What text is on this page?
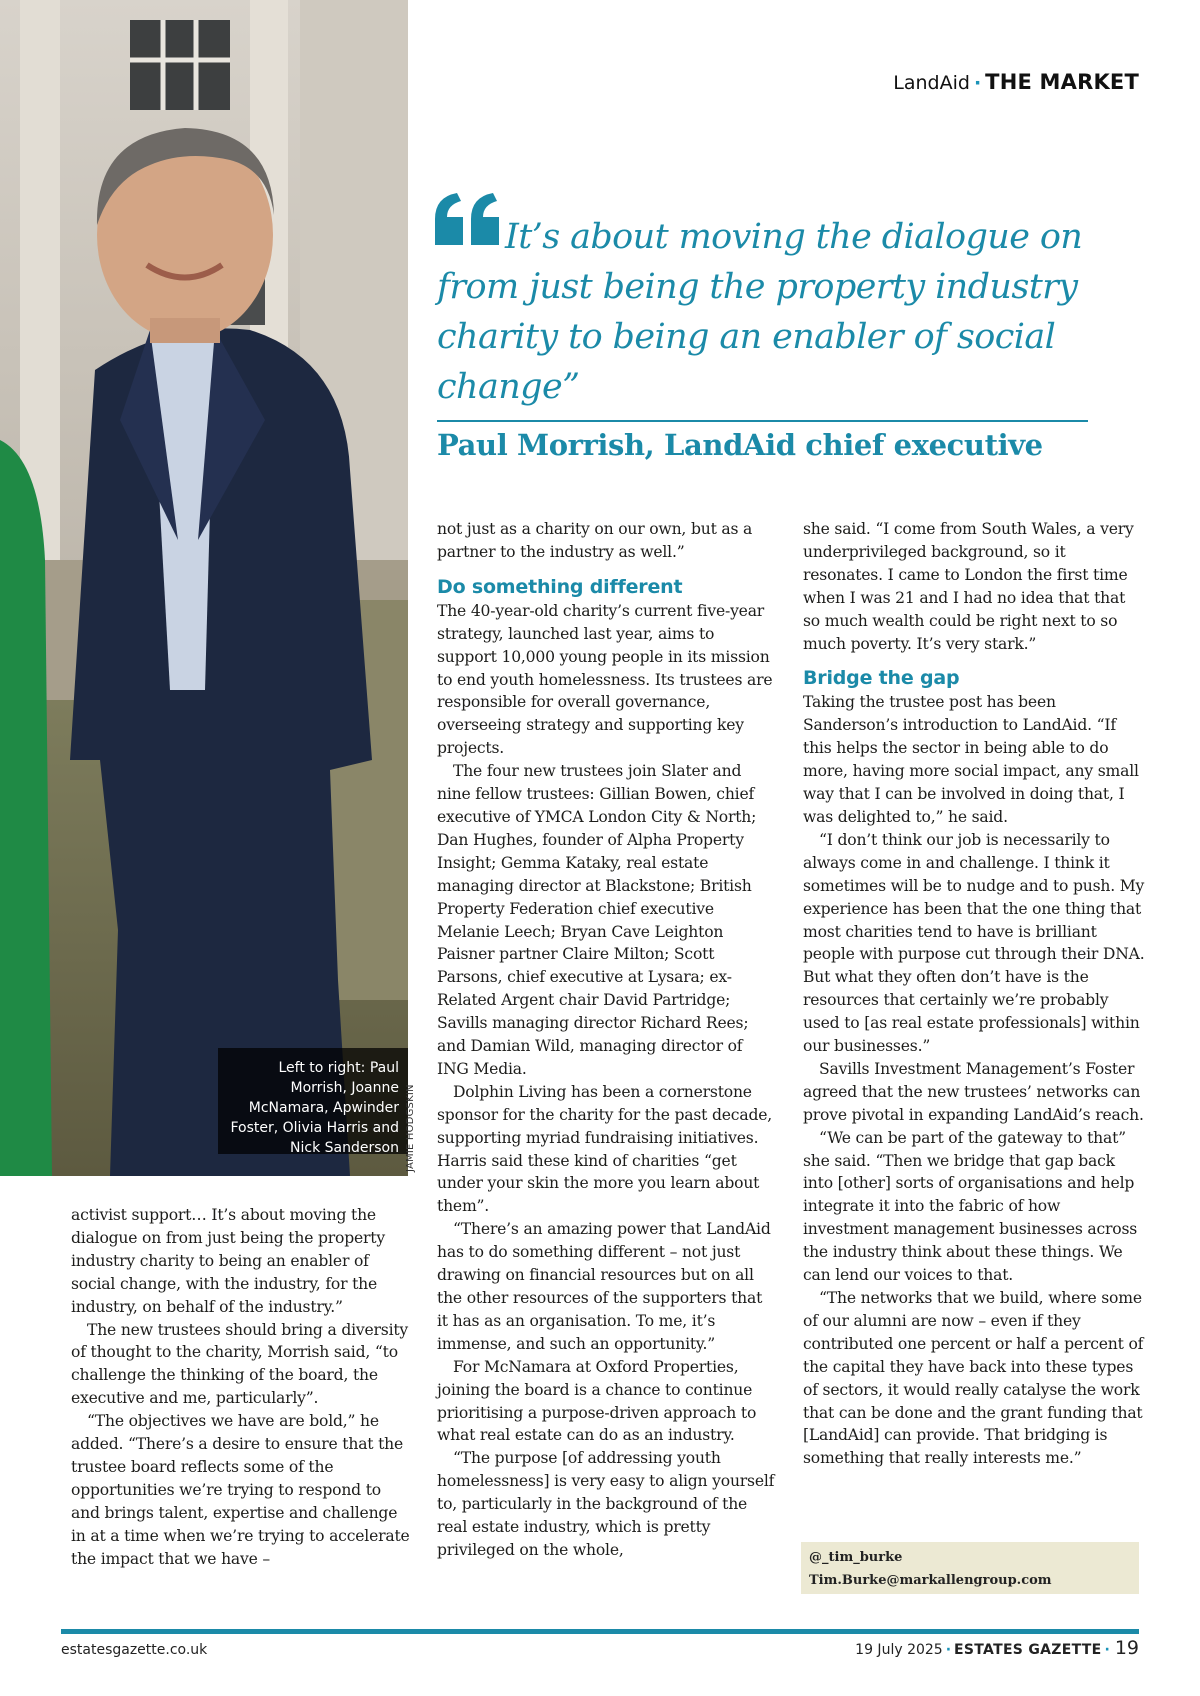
LandAid · THE MARKET
Left to right: Paul Morrish, Joanne McNamara, Apwinder Foster, Olivia Harris and Nick Sanderson JAMIE HODGSKIN
It’s about moving the dialogue on from just being the property industry charity to being an enabler of social change”
Paul Morrish, LandAid chief executive

activist support… It’s about moving the dialogue on from just being the property industry charity to being an enabler of social change, with the industry, for the industry, on behalf of the industry.”

The new trustees should bring a diversity of thought to the charity, Morrish said, “to challenge the thinking of the board, the executive and me, particularly”.

“The objectives we have are bold,” he added. “There’s a desire to ensure that the trustee board reflects some of the opportunities we’re trying to respond to and brings talent, expertise and challenge in at a time when we’re trying to accelerate the impact that we have –

not just as a charity on our own, but as a partner to the industry as well.”

Do something different

The 40-year-old charity’s current five-year strategy, launched last year, aims to support 10,000 young people in its mission to end youth homelessness. Its trustees are responsible for overall governance, overseeing strategy and supporting key projects.

The four new trustees join Slater and nine fellow trustees: Gillian Bowen, chief executive of YMCA London City & North; Dan Hughes, founder of Alpha Property Insight; Gemma Kataky, real estate managing director at Blackstone; British Property Federation chief executive Melanie Leech; Bryan Cave Leighton Paisner partner Claire Milton; Scott Parsons, chief executive at Lysara; ex-Related Argent chair David Partridge; Savills managing director Richard Rees; and Damian Wild, managing director of ING Media.

Dolphin Living has been a cornerstone sponsor for the charity for the past decade, supporting myriad fundraising initiatives. Harris said these kind of charities “get under your skin the more you learn about them”.

“There’s an amazing power that LandAid has to do something different – not just drawing on financial resources but on all the other resources of the supporters that it has as an organisation. To me, it’s immense, and such an opportunity.”

For McNamara at Oxford Properties, joining the board is a chance to continue prioritising a purpose-driven approach to what real estate can do as an industry.

“The purpose [of addressing youth homelessness] is very easy to align yourself to, particularly in the background of the real estate industry, which is pretty privileged on the whole,

she said. “I come from South Wales, a very underprivileged background, so it resonates. I came to London the first time when I was 21 and I had no idea that that so much wealth could be right next to so much poverty. It’s very stark.”

Bridge the gap

Taking the trustee post has been Sanderson’s introduction to LandAid. “If this helps the sector in being able to do more, having more social impact, any small way that I can be involved in doing that, I was delighted to,” he said.

“I don’t think our job is necessarily to always come in and challenge. I think it sometimes will be to nudge and to push. My experience has been that the one thing that most charities tend to have is brilliant people with purpose cut through their DNA. But what they often don’t have is the resources that certainly we’re probably used to [as real estate professionals] within our businesses.”

Savills Investment Management’s Foster agreed that the new trustees’ networks can prove pivotal in expanding LandAid’s reach.

“We can be part of the gateway to that” she said. “Then we bridge that gap back into [other] sorts of organisations and help integrate it into the fabric of how investment management businesses across the industry think about these things. We can lend our voices to that.

“The networks that we build, where some of our alumni are now – even if they contributed one percent or half a percent of the capital they have back into these types of sectors, it would really catalyse the work that can be done and the grant funding that [LandAid] can provide. That bridging is something that really interests me.”

@_tim_burke
Tim.Burke@markallengroup.com
estatesgazette.co.uk	19 July 2025 · ESTATES GAZETTE · 19
